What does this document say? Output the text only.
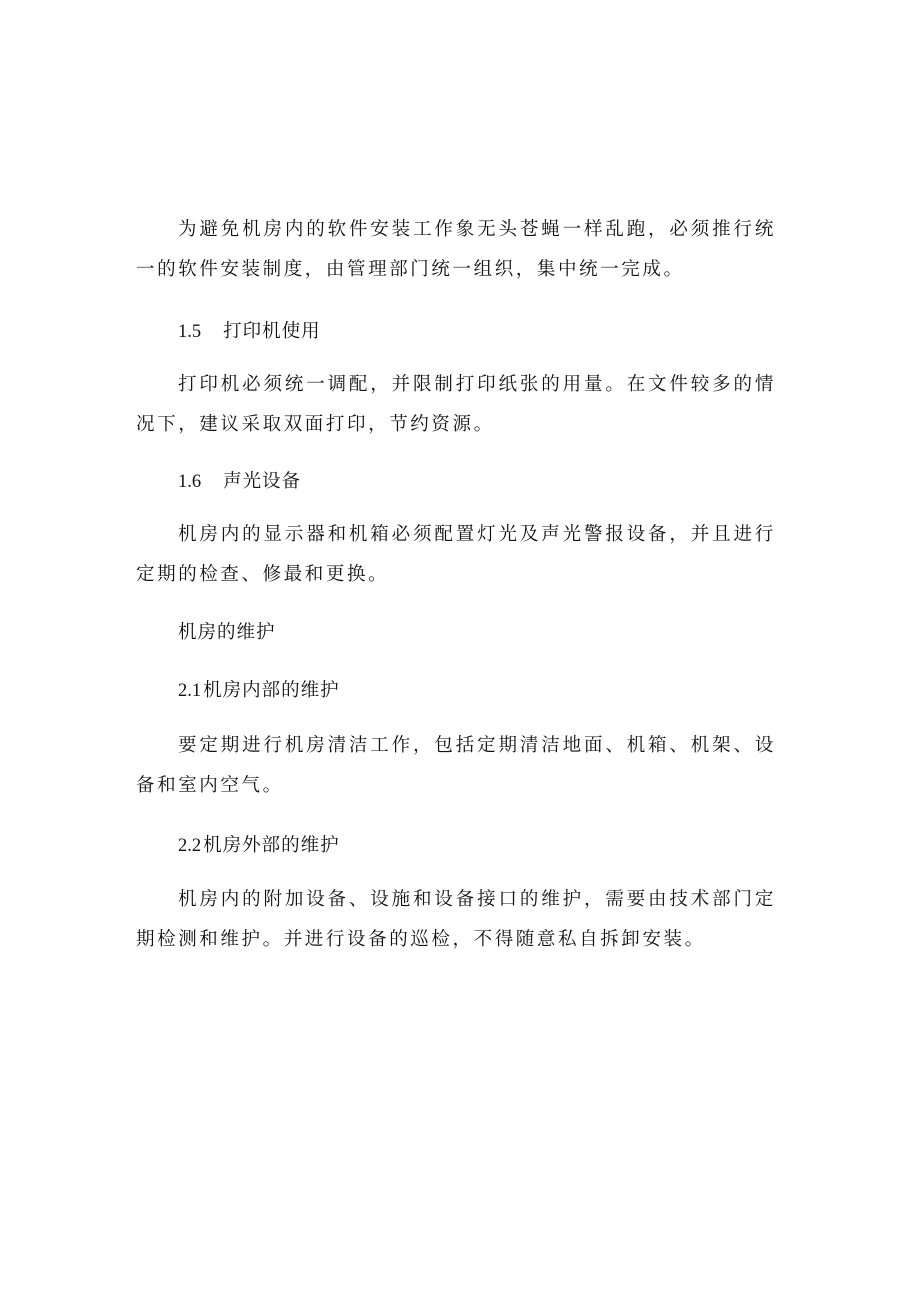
为避免机房内的软件安装工作象无头苍蝇一样乱跑，必须推行统一的软件安装制度，由管理部门统一组织，集中统一完成。

1.5 打印机使用

打印机必须统一调配，并限制打印纸张的用量。在文件较多的情况下，建议采取双面打印，节约资源。

1.6 声光设备

机房内的显示器和机箱必须配置灯光及声光警报设备，并且进行定期的检查、修最和更换。

机房的维护
2.1 机房内部的维护

要定期进行机房清洁工作，包括定期清洁地面、机箱、机架、设备和室内空气。

2.2 机房外部的维护

机房内的附加设备、设施和设备接口的维护，需要由技术部门定期检测和维护。并进行设备的巡检，不得随意私自拆卸安装。
